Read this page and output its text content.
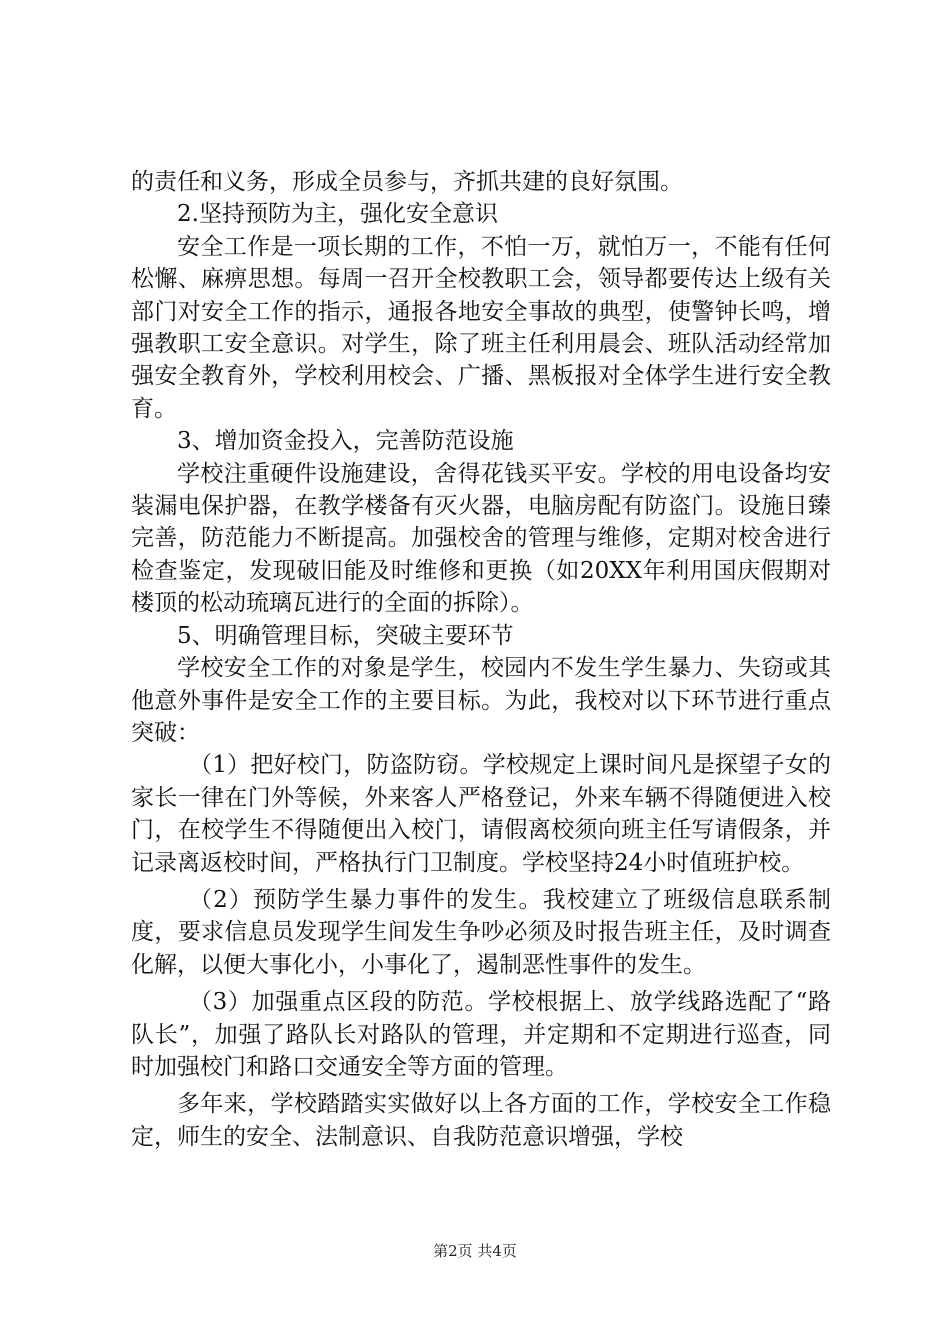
的责任和义务，形成全员参与，齐抓共建的良好氛围。

2.坚持预防为主，强化安全意识

安全工作是一项长期的工作，不怕一万，就怕万一，不能有任何松懈、麻痹思想。每周一召开全校教职工会，领导都要传达上级有关部门对安全工作的指示，通报各地安全事故的典型，使警钟长鸣，增强教职工安全意识。对学生，除了班主任利用晨会、班队活动经常加强安全教育外，学校利用校会、广播、黑板报对全体学生进行安全教育。

3、增加资金投入，完善防范设施

学校注重硬件设施建设，舍得花钱买平安。学校的用电设备均安装漏电保护器，在教学楼备有灭火器，电脑房配有防盗门。设施日臻完善，防范能力不断提高。加强校舍的管理与维修，定期对校舍进行检查鉴定，发现破旧能及时维修和更换（如20XX年利用国庆假期对楼顶的松动琉璃瓦进行的全面的拆除）。

5、明确管理目标，突破主要环节

学校安全工作的对象是学生，校园内不发生学生暴力、失窃或其他意外事件是安全工作的主要目标。为此，我校对以下环节进行重点突破：

（1）把好校门，防盗防窃。学校规定上课时间凡是探望子女的家长一律在门外等候，外来客人严格登记，外来车辆不得随便进入校门，在校学生不得随便出入校门，请假离校须向班主任写请假条，并记录离返校时间，严格执行门卫制度。学校坚持24小时值班护校。

（2）预防学生暴力事件的发生。我校建立了班级信息联系制度，要求信息员发现学生间发生争吵必须及时报告班主任，及时调查化解，以便大事化小，小事化了，遏制恶性事件的发生。

（3）加强重点区段的防范。学校根据上、放学线路选配了“路队长”，加强了路队长对路队的管理，并定期和不定期进行巡查，同时加强校门和路口交通安全等方面的管理。

多年来，学校踏踏实实做好以上各方面的工作，学校安全工作稳定，师生的安全、法制意识、自我防范意识增强，学校

第2页 共4页
